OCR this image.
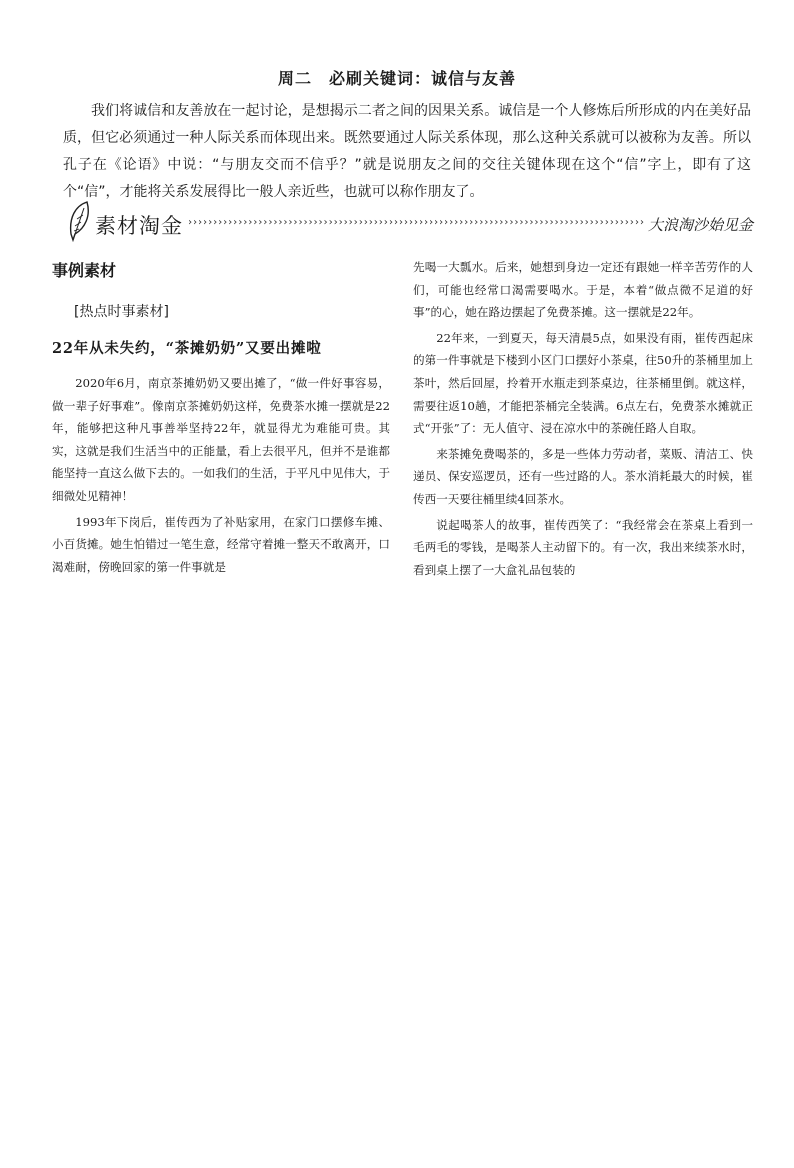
周二　必刷关键词：诚信与友善

我们将诚信和友善放在一起讨论，是想揭示二者之间的因果关系。诚信是一个人修炼后所形成的内在美好品质，但它必须通过一种人际关系而体现出来。既然要通过人际关系体现，那么这种关系就可以被称为友善。所以孔子在《论语》中说：“与朋友交而不信乎？”就是说朋友之间的交往关键体现在这个“信”字上，即有了这个“信”，才能将关系发展得比一般人亲近些，也就可以称作朋友了。

素材淘金 ››››››››››››››››››››››››››››››››››››››››››››››››››››››››››››››››››››››››››››››››››››››››››› 大浪淘沙始见金
事例素材
[热点时事素材]
22年从未失约，“茶摊奶奶”又要出摊啦

2020年6月，南京茶摊奶奶又要出摊了，“做一件好事容易，做一辈子好事难”。像南京茶摊奶奶这样，免费茶水摊一摆就是22年，能够把这种凡事善举坚持22年，就显得尤为难能可贵。其实，这就是我们生活当中的正能量，看上去很平凡，但并不是谁都能坚持一直这么做下去的。一如我们的生活，于平凡中见伟大，于细微处见精神！

1993年下岗后，崔传西为了补贴家用，在家门口摆修车摊、小百货摊。她生怕错过一笔生意，经常守着摊一整天不敢离开，口渴难耐，傍晚回家的第一件事就是

先喝一大瓢水。后来，她想到身边一定还有跟她一样辛苦劳作的人们，可能也经常口渴需要喝水。于是，本着“做点微不足道的好事”的心，她在路边摆起了免费茶摊。这一摆就是22年。

22年来，一到夏天，每天清晨5点，如果没有雨，崔传西起床的第一件事就是下楼到小区门口摆好小茶桌，往50升的茶桶里加上茶叶，然后回屋，拎着开水瓶走到茶桌边，往茶桶里倒。就这样，需要往返10趟，才能把茶桶完全装满。6点左右，免费茶水摊就正式“开张”了：无人值守、浸在凉水中的茶碗任路人自取。

来茶摊免费喝茶的，多是一些体力劳动者，菜贩、清洁工、快递员、保安巡逻员，还有一些过路的人。茶水消耗最大的时候，崔传西一天要往桶里续4回茶水。

说起喝茶人的故事，崔传西笑了：“我经常会在茶桌上看到一毛两毛的零钱，是喝茶人主动留下的。有一次，我出来续茶水时，看到桌上摆了一大盒礼品包装的
